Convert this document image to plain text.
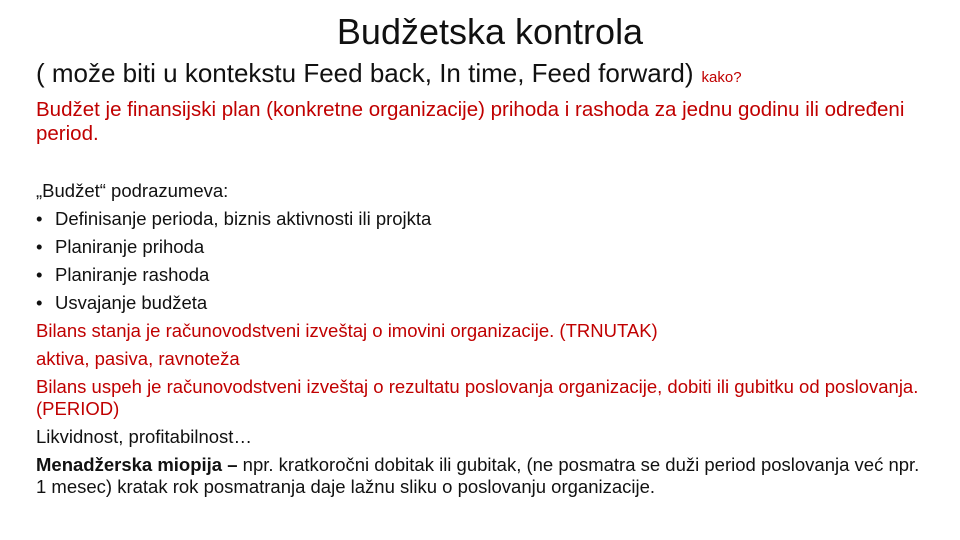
Budžetska kontrola
( može biti u kontekstu Feed back, In time, Feed forward) kako?
Budžet je finansijski plan (konkretne organizacije) prihoda i rashoda za jednu godinu ili određeni period.
„Budžet“ podrazumeva:
• Definisanje perioda, biznis aktivnosti ili projkta
• Planiranje prihoda
• Planiranje rashoda
• Usvajanje budžeta
Bilans stanja je računovodstveni izveštaj o imovini organizacije. (TRNUTAK)
aktiva, pasiva, ravnoteža
Bilans uspeh je računovodstveni izveštaj o rezultatu poslovanja organizacije, dobiti ili gubitku od poslovanja. (PERIOD)
Likvidnost, profitabilnost…
Menadžerska miopija – npr. kratkoročni dobitak ili gubitak, (ne posmatra se duži period poslovanja već npr. 1 mesec) kratak rok posmatranja daje lažnu sliku o poslovanju organizacije.
